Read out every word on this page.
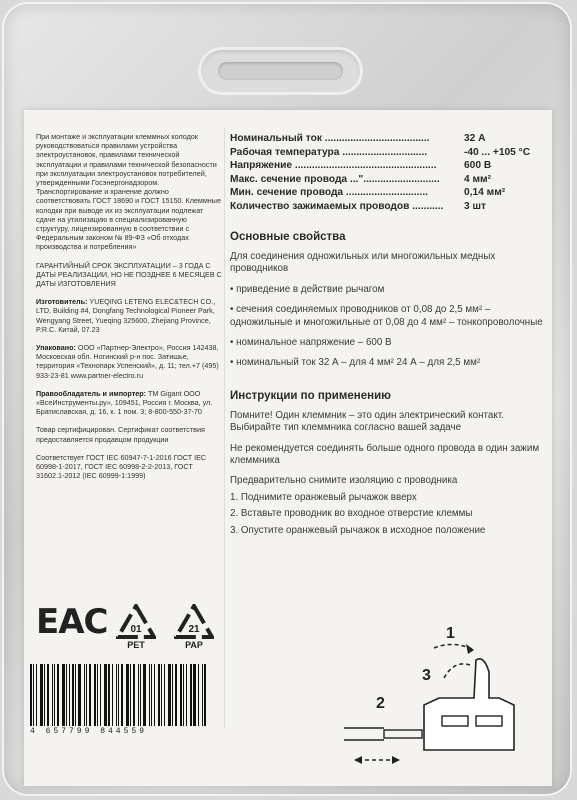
При монтаже и эксплуатации клеммных колодок руководствоваться правилами устройства электроустановок, правилами технической эксплуатации и правилами технической безопасности при эксплуатации электроустановок потребителей, утвержденными Госэнергонадзором. Транспортирование и хранение должно соответствовать ГОСТ 18690 и ГОСТ 15150. Клеммные колодки при выводе их из эксплуатации подлежат сдаче на утилизацию в специализированную структуру, лицензированную в соответствии с Федеральным законом № 89-ФЗ «Об отходах производства и потребления»

ГАРАНТИЙНЫЙ СРОК ЭКСПЛУАТАЦИИ – 3 ГОДА С ДАТЫ РЕАЛИЗАЦИИ, НО НЕ ПОЗДНЕЕ 6 МЕСЯЦЕВ С ДАТЫ ИЗГОТОВЛЕНИЯ

Изготовитель: YUEQING LETENG ELEC&TECH CO., LTD, Building #4, Dongfang Technological Pioneer Park, Wengyang Street, Yueqing 325600, Zhejiang Province, P.R.C. Китай, 07.23

Упаковано: ООО «Партнер-Электро», Россия 142438, Московская обл. Ногинский р-н пос. Затишье, территория «Технопарк Успенский», д. 11; тел.+7 (495) 933-23-81 www.partner-electro.ru

Правообладатель и импортер: TM Gigant ООО «ВсеИнструменты.ру», 109451, Россия г. Москва, ул. Братиславская, д. 16, к. 1 пом. 3; 8-800-550-37-70

Товар сертифицирован. Сертификат соответствия предоставляется продавцом продукции

Соответствует ГОСТ IEC 60947-7-1-2016 ГОСТ IEC 60998-1-2017, ГОСТ IEC 60998-2-2-2013, ГОСТ 31602.1-2012 (IEC 60999-1:1999)

EAC 01
PET
21
PAP
4 657799 844559
Номинальный ток .....................................	32 А
Рабочая температура ..............................	-40 ... +105 °С
Напряжение ..................................................	600 В
Макс. сечение провода ..."...........................	4 мм²
Мин. сечение провода .............................	0,14 мм²
Количество зажимаемых проводов ...........	3 шт
Основные свойства
Для соединения одножильных или многожильных медных проводников
• приведение в действие рычагом
• сечения соединяемых проводников от 0,08 до 2,5 мм² – одножильные и многожильные от 0,08 до 4 мм² – тонкопроволочные
• номинальное напряжение – 600 В
• номинальный ток 32 А – для 4 мм² 24 А – для 2,5 мм²
Инструкции по применению
Помните! Один клеммник – это один электрический контакт. Выбирайте тип клеммника согласно вашей задаче
Не рекомендуется соединять больше одного провода в один зажим клеммника
Предварительно снимите изоляцию с проводника
1. Поднимите оранжевый рычажок вверх
2. Вставьте проводник во входное отверстие клеммы
3. Опустите оранжевый рычажок в исходное положение
1
3
2
